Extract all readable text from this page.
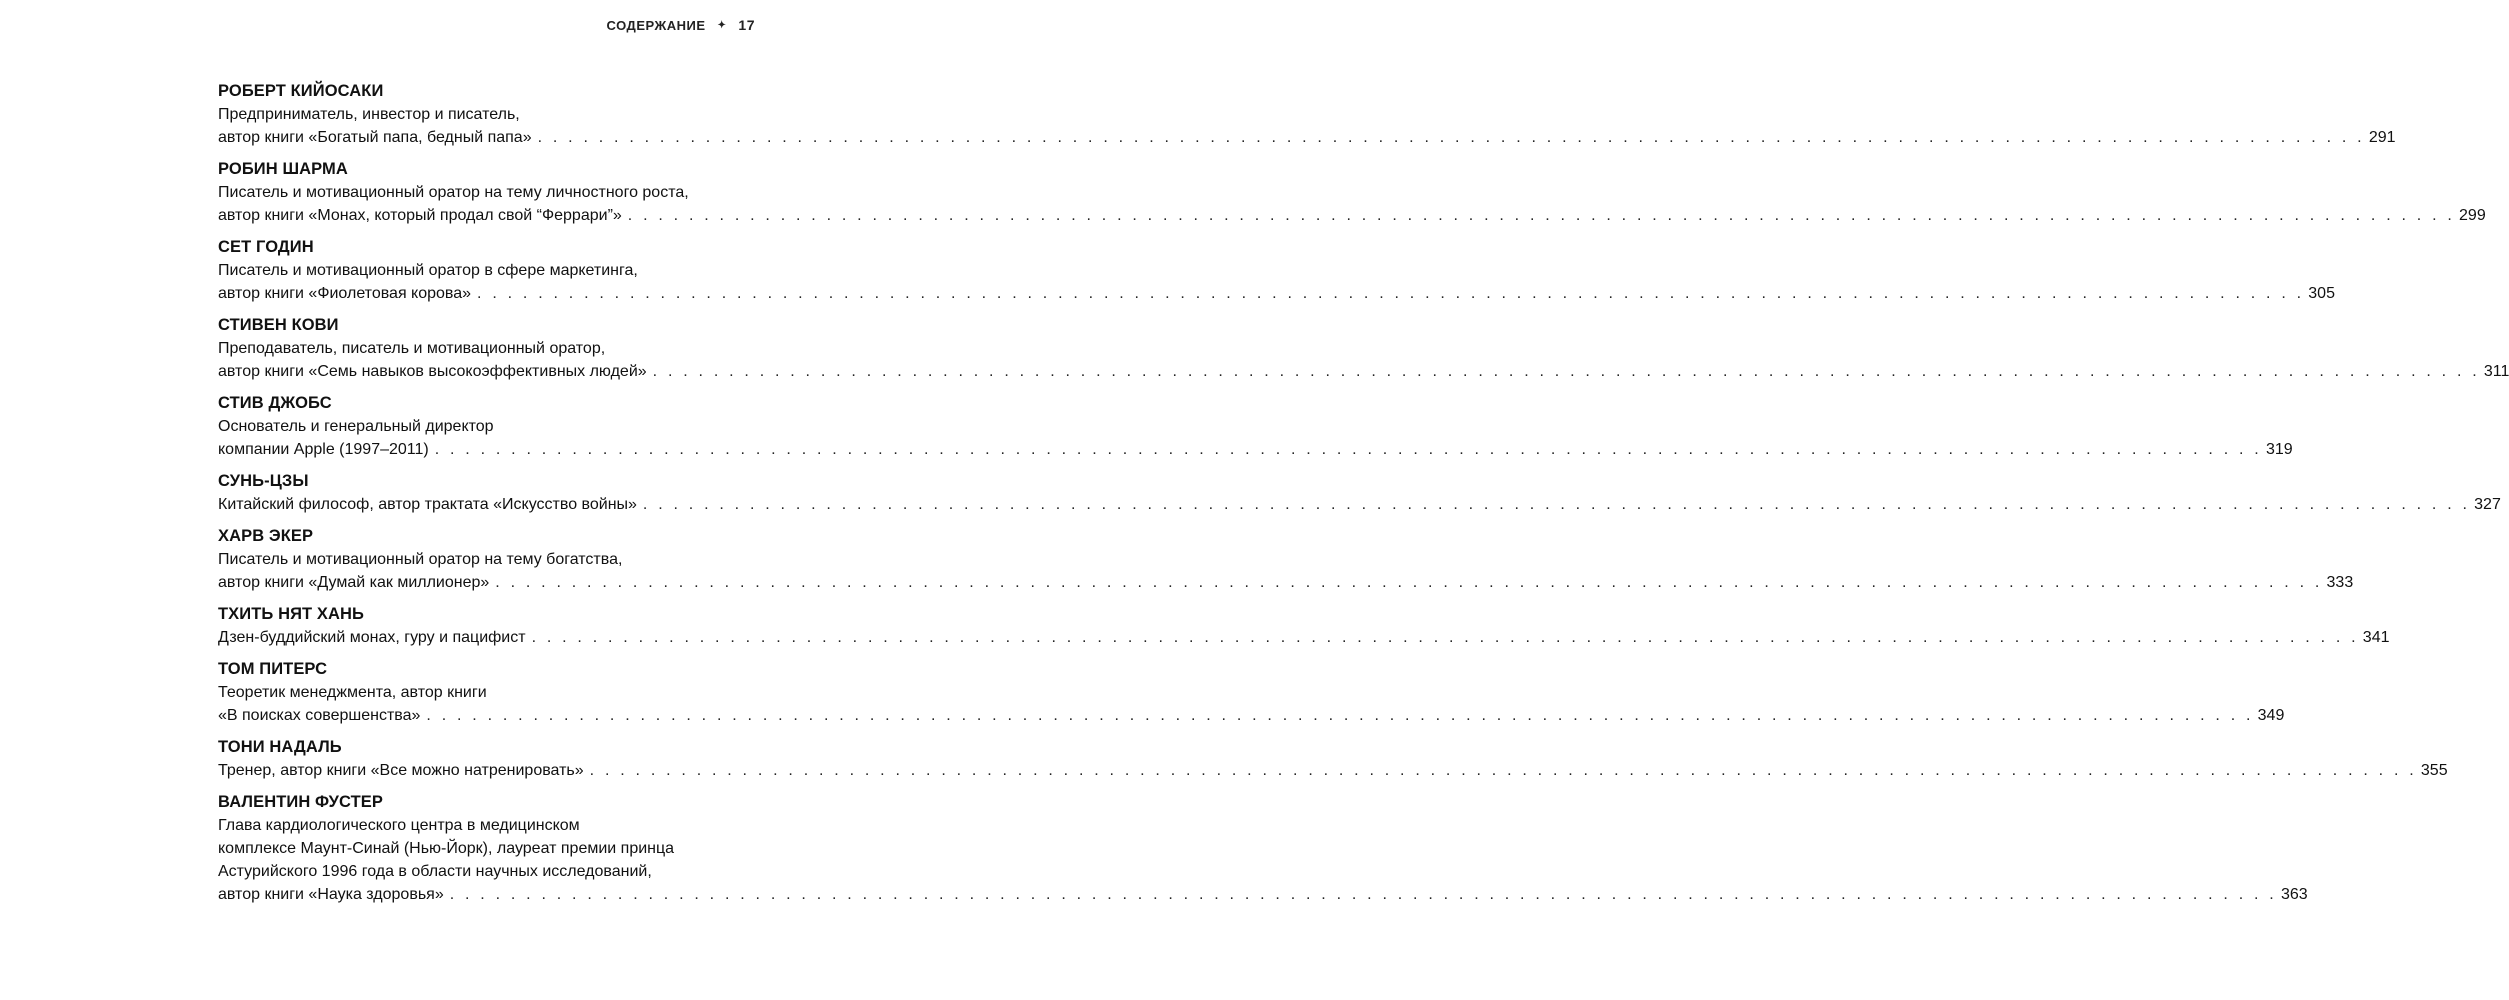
СОДЕРЖАНИЕ ✦ 17
РОБЕРТ КИЙОСАКИ
Предприниматель, инвестор и писатель,
автор книги «Богатый папа, бедный папа» . . . . . . . . . . . . . . . . . . . . . . . . . . . . . . . . . . . . . . . . . . . . . . . . . . . . . . . . . . . . . . . . . . . . . . . . . . . . . . . . . . . . . . . . . . . . . . . . . . . . . . . . . . . . . . . . . . . . . . . . 291
РОБИН ШАРМА
Писатель и мотивационный оратор на тему личностного роста,
автор книги «Монах, который продал свой “Феррари”» . . . . . . . . . . . . . . . . . . . . . . . . . . . . . . . . . . . . . . . . . . . . . . . . . . . . . . . . . . . . . . . . . . . . . . . . . . . . . . . . . . . . . . . . . . . . . . . . . . . . . . . . . . . . . . . . . . . . . . . . 299
СЕТ ГОДИН
Писатель и мотивационный оратор в сфере маркетинга,
автор книги «Фиолетовая корова» . . . . . . . . . . . . . . . . . . . . . . . . . . . . . . . . . . . . . . . . . . . . . . . . . . . . . . . . . . . . . . . . . . . . . . . . . . . . . . . . . . . . . . . . . . . . . . . . . . . . . . . . . . . . . . . . . . . . . . . . 305
СТИВЕН КОВИ
Преподаватель, писатель и мотивационный оратор,
автор книги «Семь навыков высокоэффективных людей» . . . . . . . . . . . . . . . . . . . . . . . . . . . . . . . . . . . . . . . . . . . . . . . . . . . . . . . . . . . . . . . . . . . . . . . . . . . . . . . . . . . . . . . . . . . . . . . . . . . . . . . . . . . . . . . . . . . . . . . . 311
СТИВ ДЖОБС
Основатель и генеральный директор
компании Apple (1997–2011) . . . . . . . . . . . . . . . . . . . . . . . . . . . . . . . . . . . . . . . . . . . . . . . . . . . . . . . . . . . . . . . . . . . . . . . . . . . . . . . . . . . . . . . . . . . . . . . . . . . . . . . . . . . . . . . . . . . . . . . . 319
СУНЬ-ЦЗЫ
Китайский философ, автор трактата «Искусство войны» . . . . . . . . . . . . . . . . . . . . . . . . . . . . . . . . . . . . . . . . . . . . . . . . . . . . . . . . . . . . . . . . . . . . . . . . . . . . . . . . . . . . . . . . . . . . . . . . . . . . . . . . . . . . . . . . . . . . . . . . 327
ХАРВ ЭКЕР
Писатель и мотивационный оратор на тему богатства,
автор книги «Думай как миллионер» . . . . . . . . . . . . . . . . . . . . . . . . . . . . . . . . . . . . . . . . . . . . . . . . . . . . . . . . . . . . . . . . . . . . . . . . . . . . . . . . . . . . . . . . . . . . . . . . . . . . . . . . . . . . . . . . . . . . . . . . 333
ТХИТЬ НЯТ ХАНЬ
Дзен-буддийский монах, гуру и пацифист . . . . . . . . . . . . . . . . . . . . . . . . . . . . . . . . . . . . . . . . . . . . . . . . . . . . . . . . . . . . . . . . . . . . . . . . . . . . . . . . . . . . . . . . . . . . . . . . . . . . . . . . . . . . . . . . . . . . . . . . 341
ТОМ ПИТЕРС
Теоретик менеджмента, автор книги
«В поисках совершенства» . . . . . . . . . . . . . . . . . . . . . . . . . . . . . . . . . . . . . . . . . . . . . . . . . . . . . . . . . . . . . . . . . . . . . . . . . . . . . . . . . . . . . . . . . . . . . . . . . . . . . . . . . . . . . . . . . . . . . . . . 349
ТОНИ НАДАЛЬ
Тренер, автор книги «Все можно натренировать» . . . . . . . . . . . . . . . . . . . . . . . . . . . . . . . . . . . . . . . . . . . . . . . . . . . . . . . . . . . . . . . . . . . . . . . . . . . . . . . . . . . . . . . . . . . . . . . . . . . . . . . . . . . . . . . . . . . . . . . . 355
ВАЛЕНТИН ФУСТЕР
Глава кардиологического центра в медицинском
комплексе Маунт-Синай (Нью-Йорк), лауреат премии принца
Астурийского 1996 года в области научных исследований,
автор книги «Наука здоровья» . . . . . . . . . . . . . . . . . . . . . . . . . . . . . . . . . . . . . . . . . . . . . . . . . . . . . . . . . . . . . . . . . . . . . . . . . . . . . . . . . . . . . . . . . . . . . . . . . . . . . . . . . . . . . . . . . . . . . . . . 363
